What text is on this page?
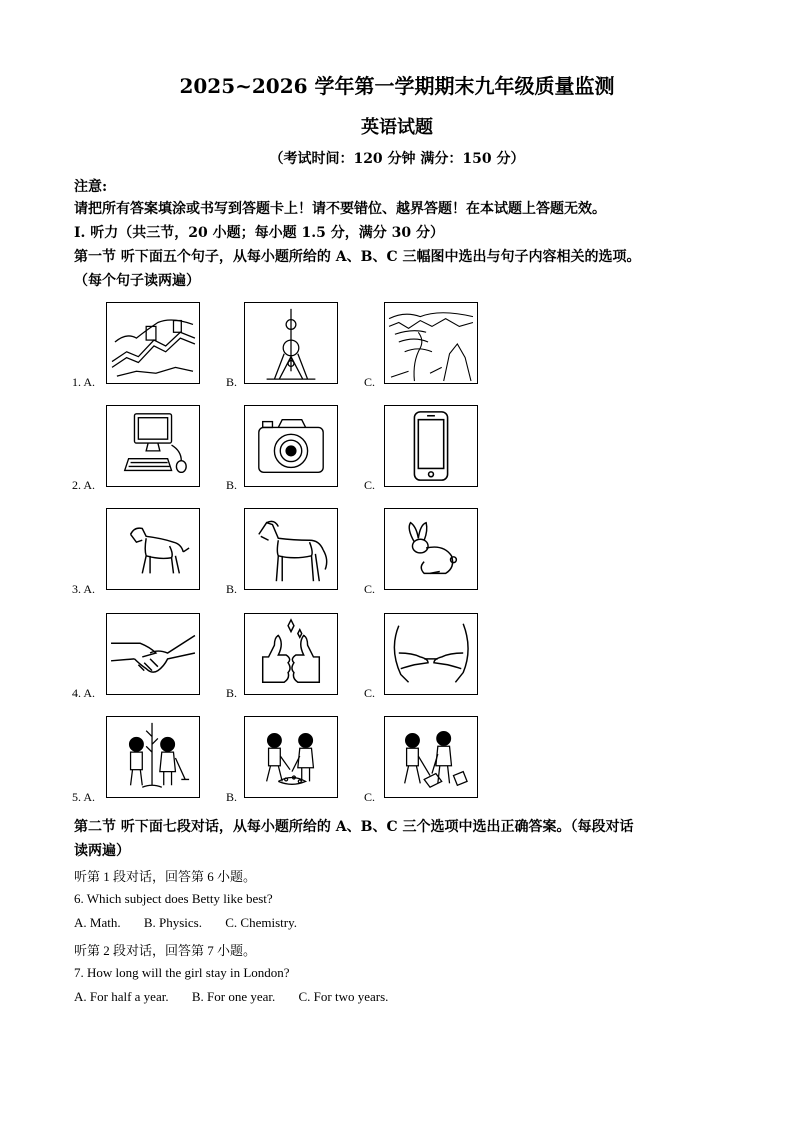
2025~2026 学年第一学期期末九年级质量监测
英语试题
（考试时间：120 分钟 满分：150 分）
注意:
请把所有答案填涂或书写到答题卡上！请不要错位、越界答题！在本试题上答题无效。
Ⅰ. 听力（共三节，20 小题；每小题 1.5 分，满分 30 分）
第一节 听下面五个句子，从每小题所给的 A、B、C 三幅图中选出与句子内容相关的选项。
（每个句子读两遍）
1. A.	B.	C.
2. A.	B.	C.
3. A.	B.	C.
4. A.	B.	C.
5. A.	B.	C.
第二节 听下面七段对话，从每小题所给的 A、B、C 三个选项中选出正确答案。（每段对话
读两遍）
听第 1 段对话，回答第 6 小题。
6. Which subject does Betty like best?
A. Math. B. Physics. C. Chemistry.
听第 2 段对话，回答第 7 小题。
7. How long will the girl stay in London?
A. For half a year. B. For one year. C. For two years.
